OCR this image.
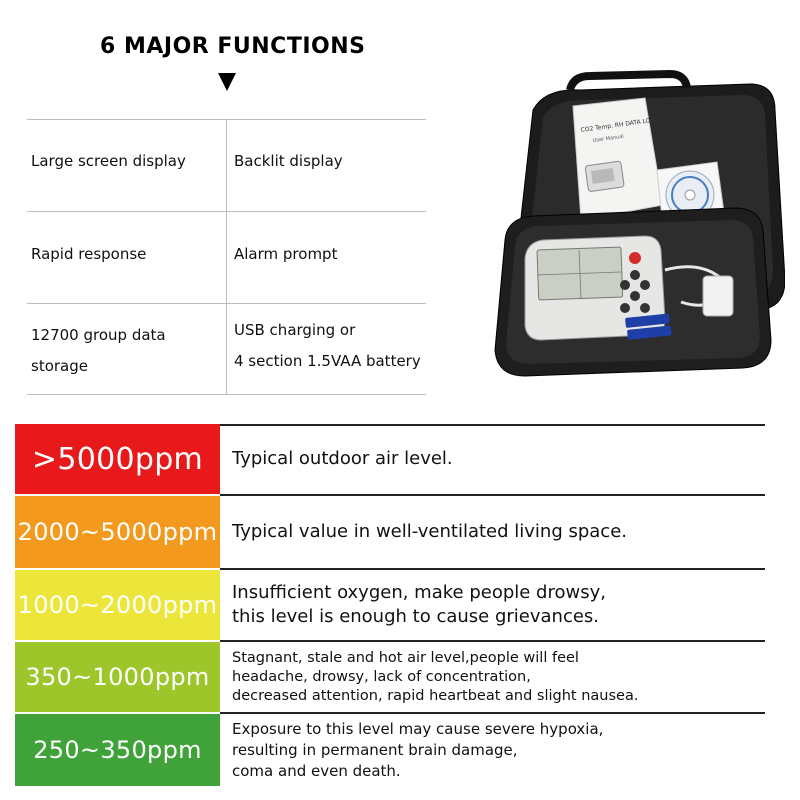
6 MAJOR FUNCTIONS
Large screen display	Backlit display
Rapid response	Alarm prompt
12700 group data
storage
USB charging or
4 section 1.5VAA battery
CO2 Temp. RH DATA LOGGER
User Manual
>5000ppm Typical outdoor air level.
2000~5000ppm Typical value in well-ventilated living space.
1000~2000ppm Insufficient oxygen, make people drowsy,
this level is enough to cause grievances.
350~1000ppm
Stagnant, stale and hot air level,people will feel
headache, drowsy, lack of concentration,
decreased attention, rapid heartbeat and slight nausea.
250~350ppm
Exposure to this level may cause severe hypoxia,
resulting in permanent brain damage,
coma and even death.
